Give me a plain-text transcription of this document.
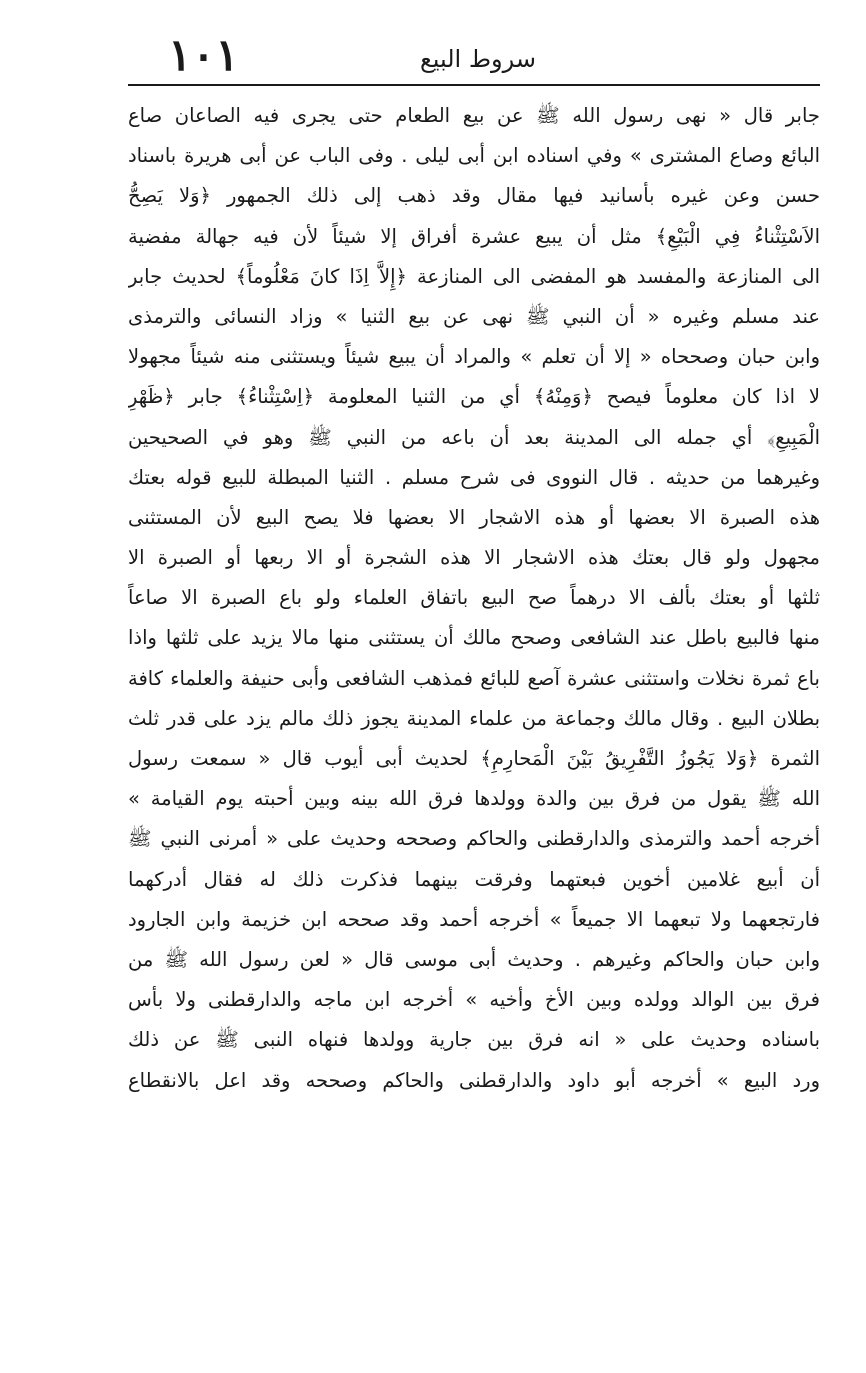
١٠١	سروط البيع
جابر قال « نهى رسول الله ﷺ عن بيع الطعام حتى يجرى فيه الصاعان صاع
البائع وصاع المشترى » وفي اسناده ابن أبى ليلى . وفى الباب عن أبى هريرة باسناد
حسن وعن غيره بأسانيد فيها مقال وقد ذهب إلى ذلك الجمهور ﴿وَلا يَصِحُّ
الاَسْتِثْناءُ فِي الْبَيْعِ﴾ مثل أن يبيع عشرة أفراق إلا شيئاً لأن فيه جهالة مفضية
الى المنازعة والمفسد هو المفضى الى المنازعة ﴿إِلاَّ اِذَا كانَ مَعْلُوماً﴾ لحديث جابر
عند مسلم وغيره « أن النبي ﷺ نهى عن بيع الثنيا » وزاد النسائى والترمذى
وابن حبان وصححاه « إلا أن تعلم » والمراد أن يبيع شيئاً ويستثنى منه شيئاً مجهولا
لا اذا كان معلوماً فيصح ﴿وَمِنْهُ﴾ أي من الثنيا المعلومة ﴿اِسْتِثْناءُ﴾ جابر ﴿ظَهْرِ
الْمَبِيعِ﴾ أي جمله الى المدينة بعد أن باعه من النبي ﷺ وهو في الصحيحين
وغيرهما من حديثه . قال النووى فى شرح مسلم . الثنيا المبطلة للبيع قوله بعتك
هذه الصبرة الا بعضها أو هذه الاشجار الا بعضها فلا يصح البيع لأن المستثنى
مجهول ولو قال بعتك هذه الاشجار الا هذه الشجرة أو الا ربعها أو الصبرة الا
ثلثها أو بعتك بألف الا درهماً صح البيع باتفاق العلماء ولو باع الصبرة الا صاعاً
منها فالبيع باطل عند الشافعى وصحح مالك أن يستثنى منها مالا يزيد على ثلثها واذا
باع ثمرة نخلات واستثنى عشرة آصع للبائع فمذهب الشافعى وأبى حنيفة والعلماء كافة
بطلان البيع . وقال مالك وجماعة من علماء المدينة يجوز ذلك مالم يزد على قدر ثلث
الثمرة ﴿وَلا يَجُوزُ التَّفْرِيقُ بَيْنَ الْمَحارِمِ﴾ لحديث أبى أيوب قال « سمعت رسول
الله ﷺ يقول من فرق بين والدة وولدها فرق الله بينه وبين أحبته يوم القيامة »
أخرجه أحمد والترمذى والدارقطنى والحاكم وصححه وحديث على « أمرنى النبي ﷺ
أن أبيع غلامين أخوين فبعتهما وفرقت بينهما فذكرت ذلك له فقال أدركهما
فارتجعهما ولا تبعهما الا جميعاً » أخرجه أحمد وقد صححه ابن خزيمة وابن الجارود
وابن حبان والحاكم وغيرهم . وحديث أبى موسى قال « لعن رسول الله ﷺ من
فرق بين الوالد وولده وبين الأخ وأخيه » أخرجه ابن ماجه والدارقطنى ولا بأس
باسناده وحديث على « انه فرق بين جارية وولدها فنهاه النبى ﷺ عن ذلك
ورد البيع » أخرجه أبو داود والدارقطنى والحاكم وصححه وقد اعل بالانقطاع
